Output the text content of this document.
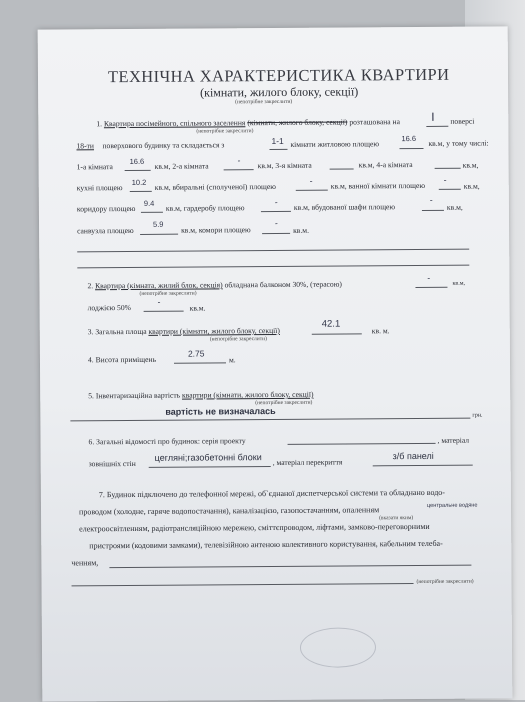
ТЕХНІЧНА ХАРАКТЕРИСТИКА КВАРТИРИ
(кімнати, жилого блоку, секції)
(непотрібне закреслити)
1. Квартира посімейного, спільного заселення (кімнати, жилого блоку, секції) розташована на	I поверсі
(непотрібне закреслити)
18-ти поверхового будинку та складається з	1-1 кімнати житловою площею
16.6 кв.м, у тому числі:
1-а кімната
16.6 кв.м, 2-а кімната
-
кв.м, 3-я кімната	кв.м, 4-а кімната	кв.м,
кухні площею
10.2 кв.м, вбиральні (сполученої) площею
-
кв.м, ванної кімнати площею
-
кв.м,
коридору площею
9.4 кв.м, гардеробу площею
-
кв.м, вбудованої шафи площею
-
кв.м,
санвузла площею
5.9
кв.м, комори площею
-
кв.м.
2. Квартира (кімната, жилий блок, секція) обладнана балконом 30%, (терасою)
(непотрібне закреслити)
-
кв.м,
лоджією 50%
-
кв.м.
3. Загальна площа квартири (кімнати, жилого блоку, секції)
42.1
кв. м.
(непотрібне закреслити)
4. Висота приміщень
2.75
м.
5. Інвентаризаційна вартість квартири (кімнати, жилого блоку, секції)
(непотрібне закреслити)
вартість не визначалась	грн.
6. Загальні відомості про будинок: серія проекту	, матеріал
зовнішніх стін
цегляні;газобетонні блоки , матеріал перекриття
з/б панелі
7. Будинок підключено до телефонної мережі, об`єднаної диспетчерської системи та обладнано водо-
проводом (холодне, гаряче водопостачання), каналізацією, газопостачанням, опаленням	центральне водяне
(вказати яким)
електроосвітленням, радіотрансляційною мережею, сміттєпроводом, ліфтами, замково-переговорними
пристроями (кодовими замками), телевізійною антеною колективного користування, кабельним телеба-
ченням,
(непотрібне закреслити)
